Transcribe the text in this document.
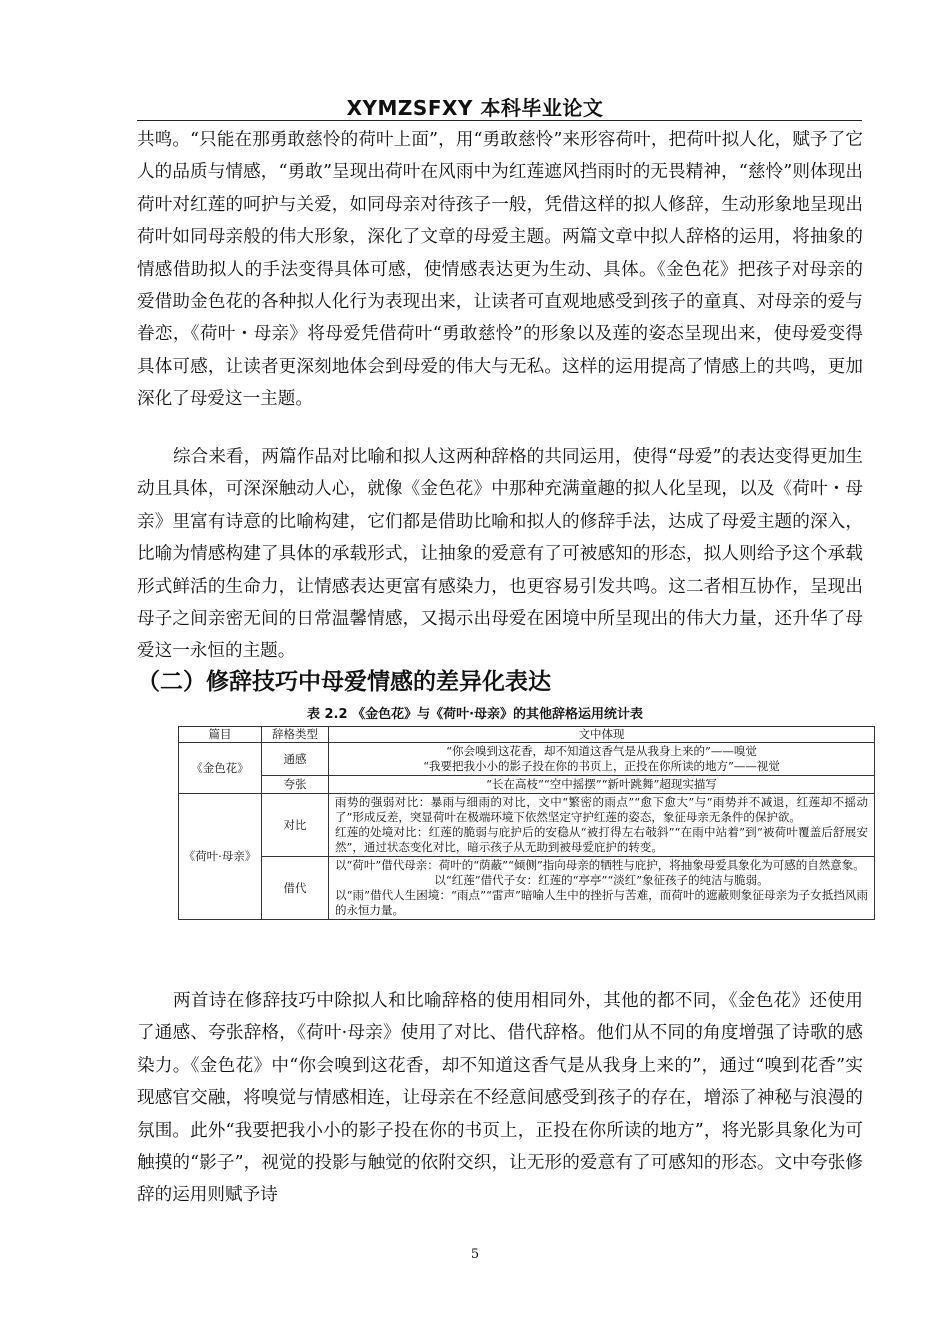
XYMZSFXY 本科毕业论文

共鸣。“只能在那勇敢慈怜的荷叶上面”，用“勇敢慈怜”来形容荷叶，把荷叶拟人化，赋予了它人的品质与情感，“勇敢”呈现出荷叶在风雨中为红莲遮风挡雨时的无畏精神，“慈怜”则体现出荷叶对红莲的呵护与关爱，如同母亲对待孩子一般，凭借这样的拟人修辞，生动形象地呈现出荷叶如同母亲般的伟大形象，深化了文章的母爱主题。两篇文章中拟人辞格的运用，将抽象的情感借助拟人的手法变得具体可感，使情感表达更为生动、具体。《金色花》把孩子对母亲的爱借助金色花的各种拟人化行为表现出来，让读者可直观地感受到孩子的童真、对母亲的爱与眷恋，《荷叶・母亲》将母爱凭借荷叶“勇敢慈怜”的形象以及莲的姿态呈现出来，使母爱变得具体可感，让读者更深刻地体会到母爱的伟大与无私。这样的运用提高了情感上的共鸣，更加深化了母爱这一主题。

综合来看，两篇作品对比喻和拟人这两种辞格的共同运用，使得“母爱”的表达变得更加生动且具体，可深深触动人心，就像《金色花》中那种充满童趣的拟人化呈现，以及《荷叶・母亲》里富有诗意的比喻构建，它们都是借助比喻和拟人的修辞手法，达成了母爱主题的深入，比喻为情感构建了具体的承载形式，让抽象的爱意有了可被感知的形态，拟人则给予这个承载形式鲜活的生命力，让情感表达更富有感染力，也更容易引发共鸣。这二者相互协作，呈现出母子之间亲密无间的日常温馨情感，又揭示出母爱在困境中所呈现出的伟大力量，还升华了母爱这一永恒的主题。

（二）修辞技巧中母爱情感的差异化表达
表 2.2 《金色花》与《荷叶·母亲》的其他辞格运用统计表
篇目	辞格类型	文中体现
《金色花》	通感	“你会嗅到这花香，却不知道这香气是从我身上来的”——嗅觉
“我要把我小小的影子投在你的书页上，正投在你所读的地方”——视觉

	夸张	“长在高枝”“空中摇摆”“新叶跳舞”超现实描写

《荷叶·母亲》	对比	雨势的强弱对比：暴雨与细雨的对比，文中“繁密的雨点”“愈下愈大”与“雨势并不减退，红莲却不摇动了”形成反差，突显荷叶在极端环境下依然坚定守护红莲的姿态，象征母亲无条件的保护欲。
红莲的处境对比：红莲的脆弱与庇护后的安稳从“被打得左右攲斜”“在雨中站着”到“被荷叶覆盖后舒展安然”，通过状态变化对比，暗示孩子从无助到被母爱庇护的转变。

	借代	以“荷叶”借代母亲：荷叶的“荫蔽”“倾侧”指向母亲的牺牲与庇护，将抽象母爱具象化为可感的自然意象。
以“红莲”借代子女：红莲的“亭亭”“淡红”象征孩子的纯洁与脆弱。
以“雨”借代人生困境：“雨点”“雷声”暗喻人生中的挫折与苦难，而荷叶的遮蔽则象征母亲为子女抵挡风雨的永恒力量。

两首诗在修辞技巧中除拟人和比喻辞格的使用相同外，其他的都不同，《金色花》还使用了通感、夸张辞格，《荷叶·母亲》使用了对比、借代辞格。他们从不同的角度增强了诗歌的感染力。《金色花》中“你会嗅到这花香，却不知道这香气是从我身上来的”，通过“嗅到花香”实现感官交融，将嗅觉与情感相连，让母亲在不经意间感受到孩子的存在，增添了神秘与浪漫的氛围。此外“我要把我小小的影子投在你的书页上，正投在你所读的地方”，将光影具象化为可触摸的“影子”，视觉的投影与触觉的依附交织，让无形的爱意有了可感知的形态。文中夸张修辞的运用则赋予诗

5
